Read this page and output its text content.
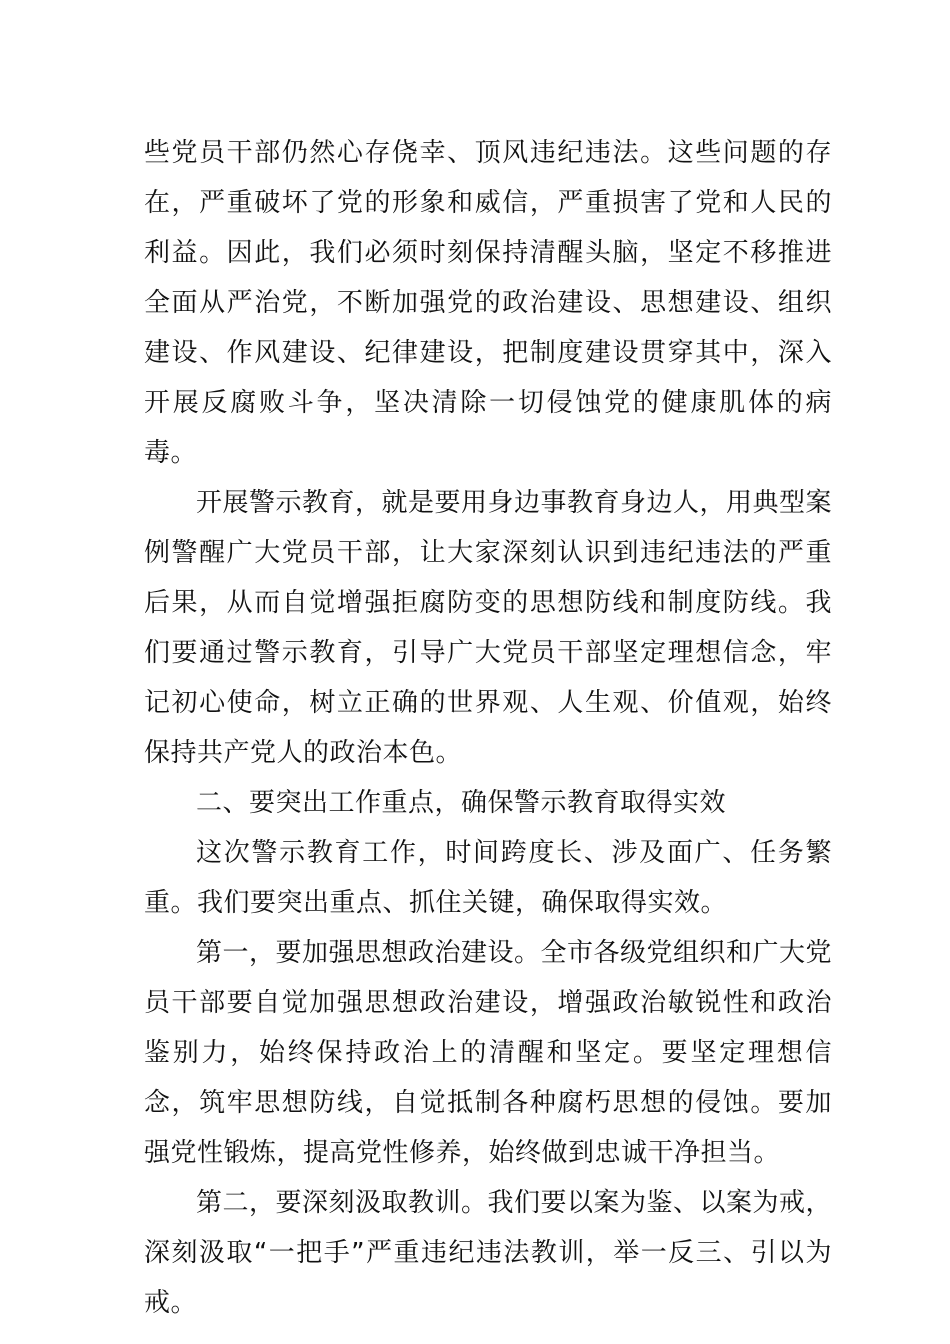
些党员干部仍然心存侥幸、顶风违纪违法。这些问题的存在，严重破坏了党的形象和威信，严重损害了党和人民的利益。因此，我们必须时刻保持清醒头脑，坚定不移推进全面从严治党，不断加强党的政治建设、思想建设、组织建设、作风建设、纪律建设，把制度建设贯穿其中，深入开展反腐败斗争，坚决清除一切侵蚀党的健康肌体的病毒。

开展警示教育，就是要用身边事教育身边人，用典型案例警醒广大党员干部，让大家深刻认识到违纪违法的严重后果，从而自觉增强拒腐防变的思想防线和制度防线。我们要通过警示教育，引导广大党员干部坚定理想信念，牢记初心使命，树立正确的世界观、人生观、价值观，始终保持共产党人的政治本色。

二、要突出工作重点，确保警示教育取得实效

这次警示教育工作，时间跨度长、涉及面广、任务繁重。我们要突出重点、抓住关键，确保取得实效。

第一，要加强思想政治建设。全市各级党组织和广大党员干部要自觉加强思想政治建设，增强政治敏锐性和政治鉴别力，始终保持政治上的清醒和坚定。要坚定理想信念，筑牢思想防线，自觉抵制各种腐朽思想的侵蚀。要加强党性锻炼，提高党性修养，始终做到忠诚干净担当。

第二，要深刻汲取教训。我们要以案为鉴、以案为戒，深刻汲取“一把手”严重违纪违法教训，举一反三、引以为戒。
